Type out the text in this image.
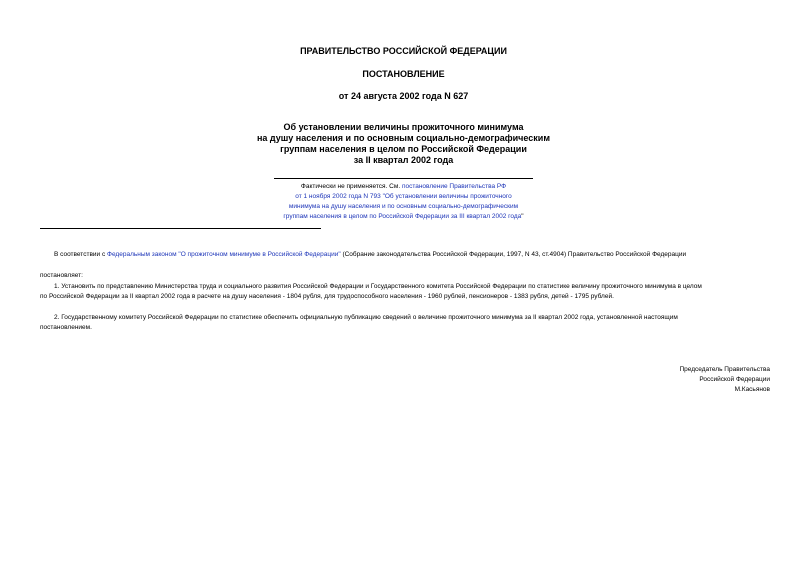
ПРАВИТЕЛЬСТВО РОССИЙСКОЙ ФЕДЕРАЦИИ
ПОСТАНОВЛЕНИЕ
от 24 августа 2002 года N 627
Об установлении величины прожиточного минимума
на душу населения и по основным социально-демографическим
группам населения в целом по Российской Федерации
за II квартал 2002 года
Фактически не применяется. См. постановление Правительства РФ
от 1 ноября 2002 года N 793 "Об установлении величины прожиточного
минимума на душу населения и по основным социально-демографическим
группам населения в целом по Российской Федерации за III квартал 2002 года"
В соответствии с Федеральным законом "О прожиточном минимуме в Российской Федерации" (Собрание законодательства Российской Федерации, 1997, N 43, ст.4904) Правительство Российской Федерации
постановляет:
1. Установить по представлению Министерства труда и социального развития Российской Федерации и Государственного комитета Российской Федерации по статистике величину прожиточного минимума в целом
по Российской Федерации за II квартал 2002 года в расчете на душу населения - 1804 рубля, для трудоспособного населения - 1960 рублей, пенсионеров - 1383 рубля, детей - 1795 рублей.
2. Государственному комитету Российской Федерации по статистике обеспечить официальную публикацию сведений о величине прожиточного минимума за II квартал 2002 года, установленной настоящим
постановлением.
Председатель Правительства
Российской Федерации
М.Касьянов
